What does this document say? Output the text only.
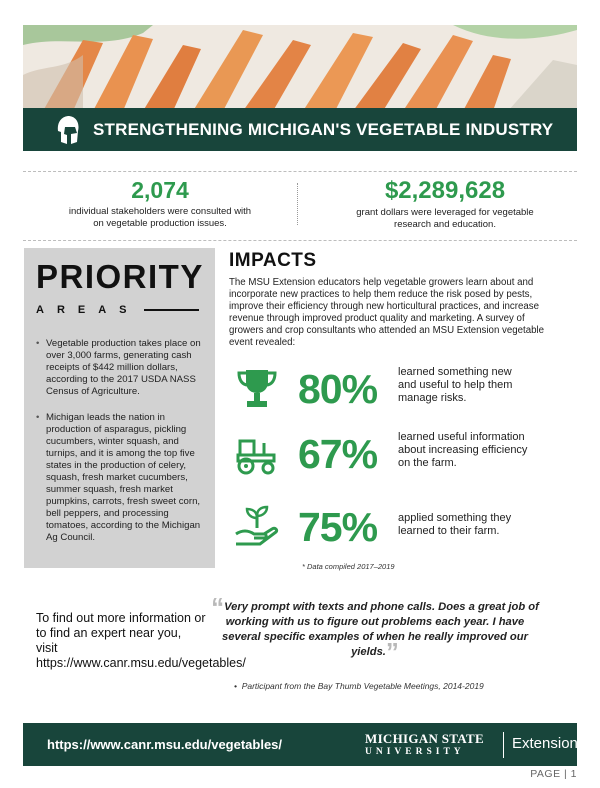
STRENGTHENING MICHIGAN'S VEGETABLE INDUSTRY
2,074
individual stakeholders were consulted with
on vegetable production issues.
$2,289,628
grant dollars were leveraged for vegetable
research and education.
PRIORITY
AREAS
• Vegetable production takes place on over 3,000 farms, generating cash receipts of $442 million dollars, according to the 2017 USDA NASS Census of Agriculture.
• Michigan leads the nation in production of asparagus, pickling cucumbers, winter squash, and turnips, and it is among the top five states in the production of celery, squash, fresh market cucumbers, summer squash, fresh market pumpkins, carrots, fresh sweet corn, bell peppers, and processing tomatoes, according to the Michigan Ag Council.
IMPACTS
The MSU Extension educators help vegetable growers learn about and incorporate new practices to help them reduce the risk posed by pests, improve their efficiency through new horticultural practices, and increase revenue through improved product quality and marketing. A survey of growers and crop consultants who attended an MSU Extension vegetable event revealed:
80% learned something new
and useful to help them
manage risks.
67% learned useful information
about increasing efficiency
on the farm.
75% applied something they
learned to their farm.
* Data compiled 2017–2019
To find out more information or to find an expert near you, visit https://www.canr.msu.edu/vegetables/
“Very prompt with texts and phone calls. Does a great job of working with us to figure out problems each year. I have several specific examples of when he really improved our yields.”
•  Participant from the Bay Thumb Vegetable Meetings, 2014-2019
https://www.canr.msu.edu/vegetables/	MICHIGAN STATE
UNIVERSITY	Extension
PAGE | 1
